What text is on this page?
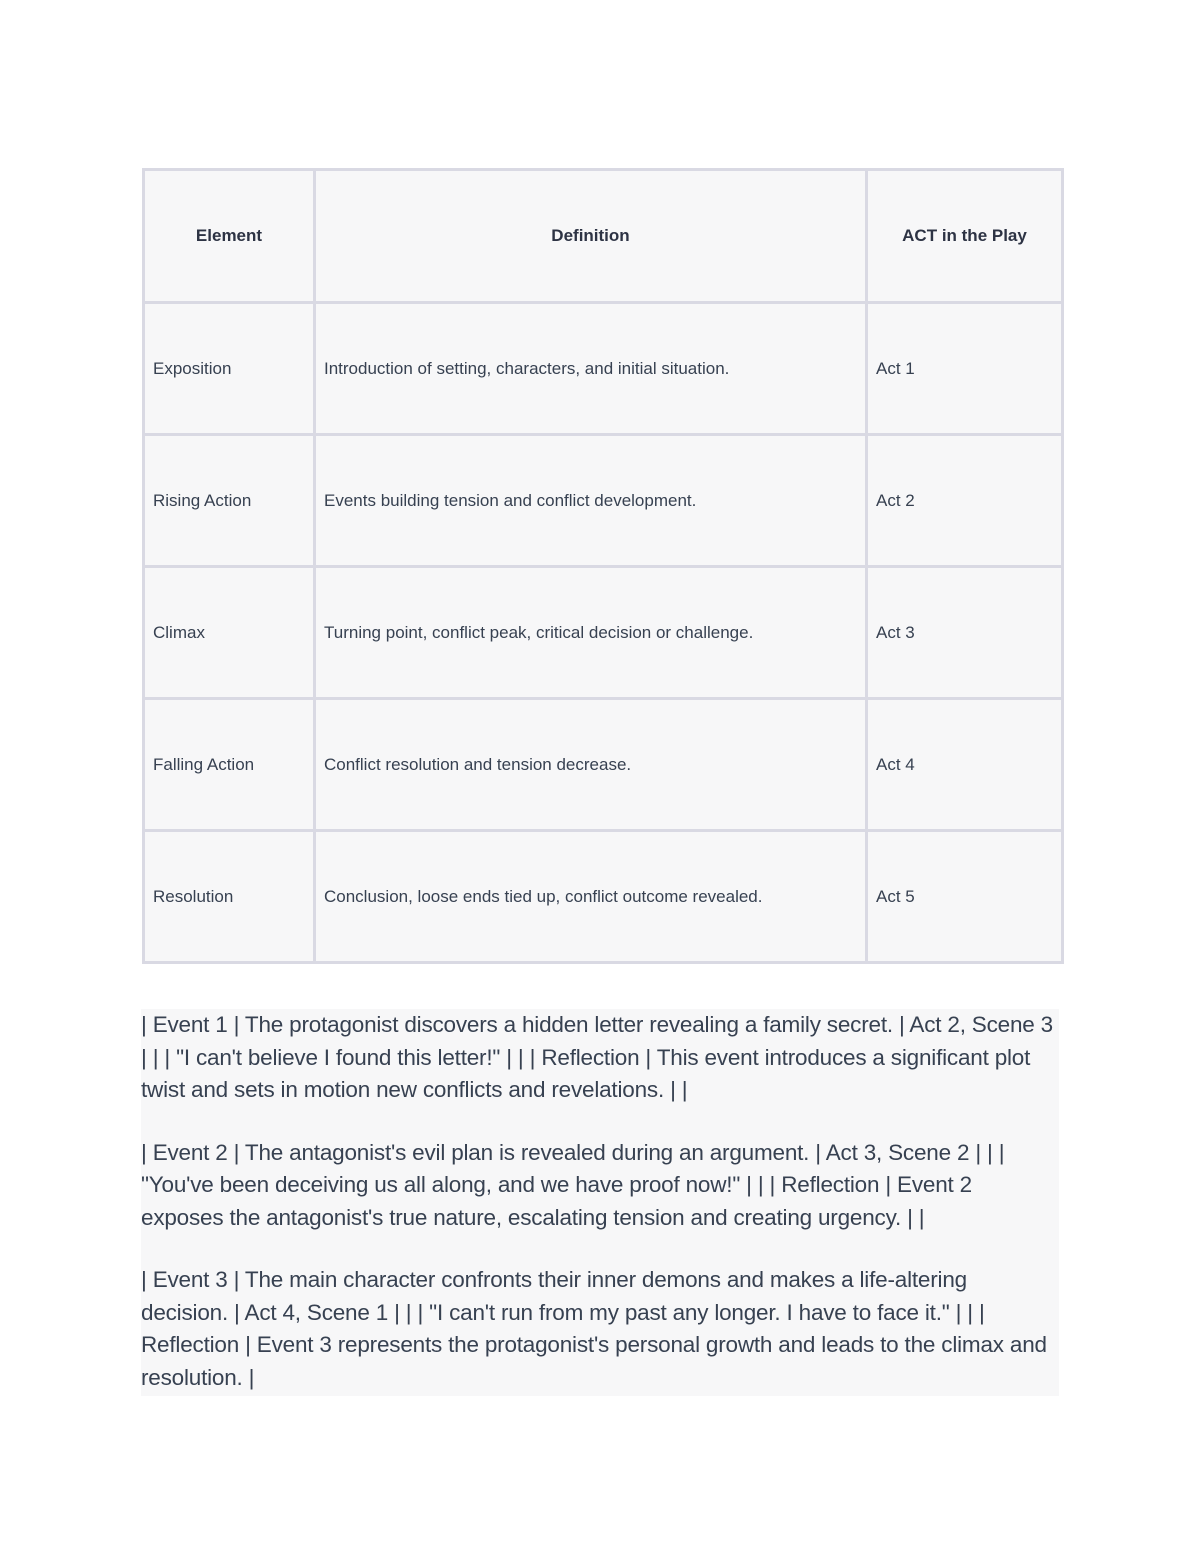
Element	Definition	ACT in the Play
Exposition	Introduction of setting, characters, and initial situation.	Act 1
Rising Action	Events building tension and conflict development.	Act 2
Climax	Turning point, conflict peak, critical decision or challenge.	Act 3
Falling Action	Conflict resolution and tension decrease.	Act 4
Resolution	Conclusion, loose ends tied up, conflict outcome revealed.	Act 5

| Event 1 | The protagonist discovers a hidden letter revealing a family secret. | Act 2, Scene 3 | | | "I can't believe I found this letter!" | | | Reflection | This event introduces a significant plot twist and sets in motion new conflicts and revelations. | |

| Event 2 | The antagonist's evil plan is revealed during an argument. | Act 3, Scene 2 | | | "You've been deceiving us all along, and we have proof now!" | | | Reflection | Event 2 exposes the antagonist's true nature, escalating tension and creating urgency. | |

| Event 3 | The main character confronts their inner demons and makes a life-altering decision. | Act 4, Scene 1 | | | "I can't run from my past any longer. I have to face it." | | | Reflection | Event 3 represents the protagonist's personal growth and leads to the climax and resolution. |
